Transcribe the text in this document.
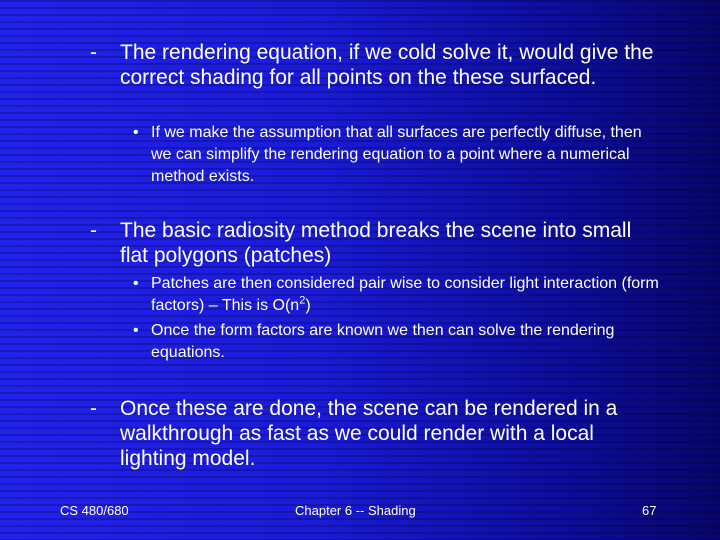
-	The rendering equation, if we cold solve it, would give the correct shading for all points on the these surfaced.
• If we make the assumption that all surfaces are perfectly diffuse, then we can simplify the rendering equation to a point where a numerical method exists.
-	The basic radiosity method breaks the scene into small flat polygons (patches)
• Patches are then considered pair wise to consider light interaction (form factors) – This is $O(n^2)$
• Once the form factors are known we then can solve the rendering equations.
-	Once these are done, the scene can be rendered in a walkthrough as fast as we could render with a local lighting model.
CS 480/680	Chapter 6 -- Shading	67
